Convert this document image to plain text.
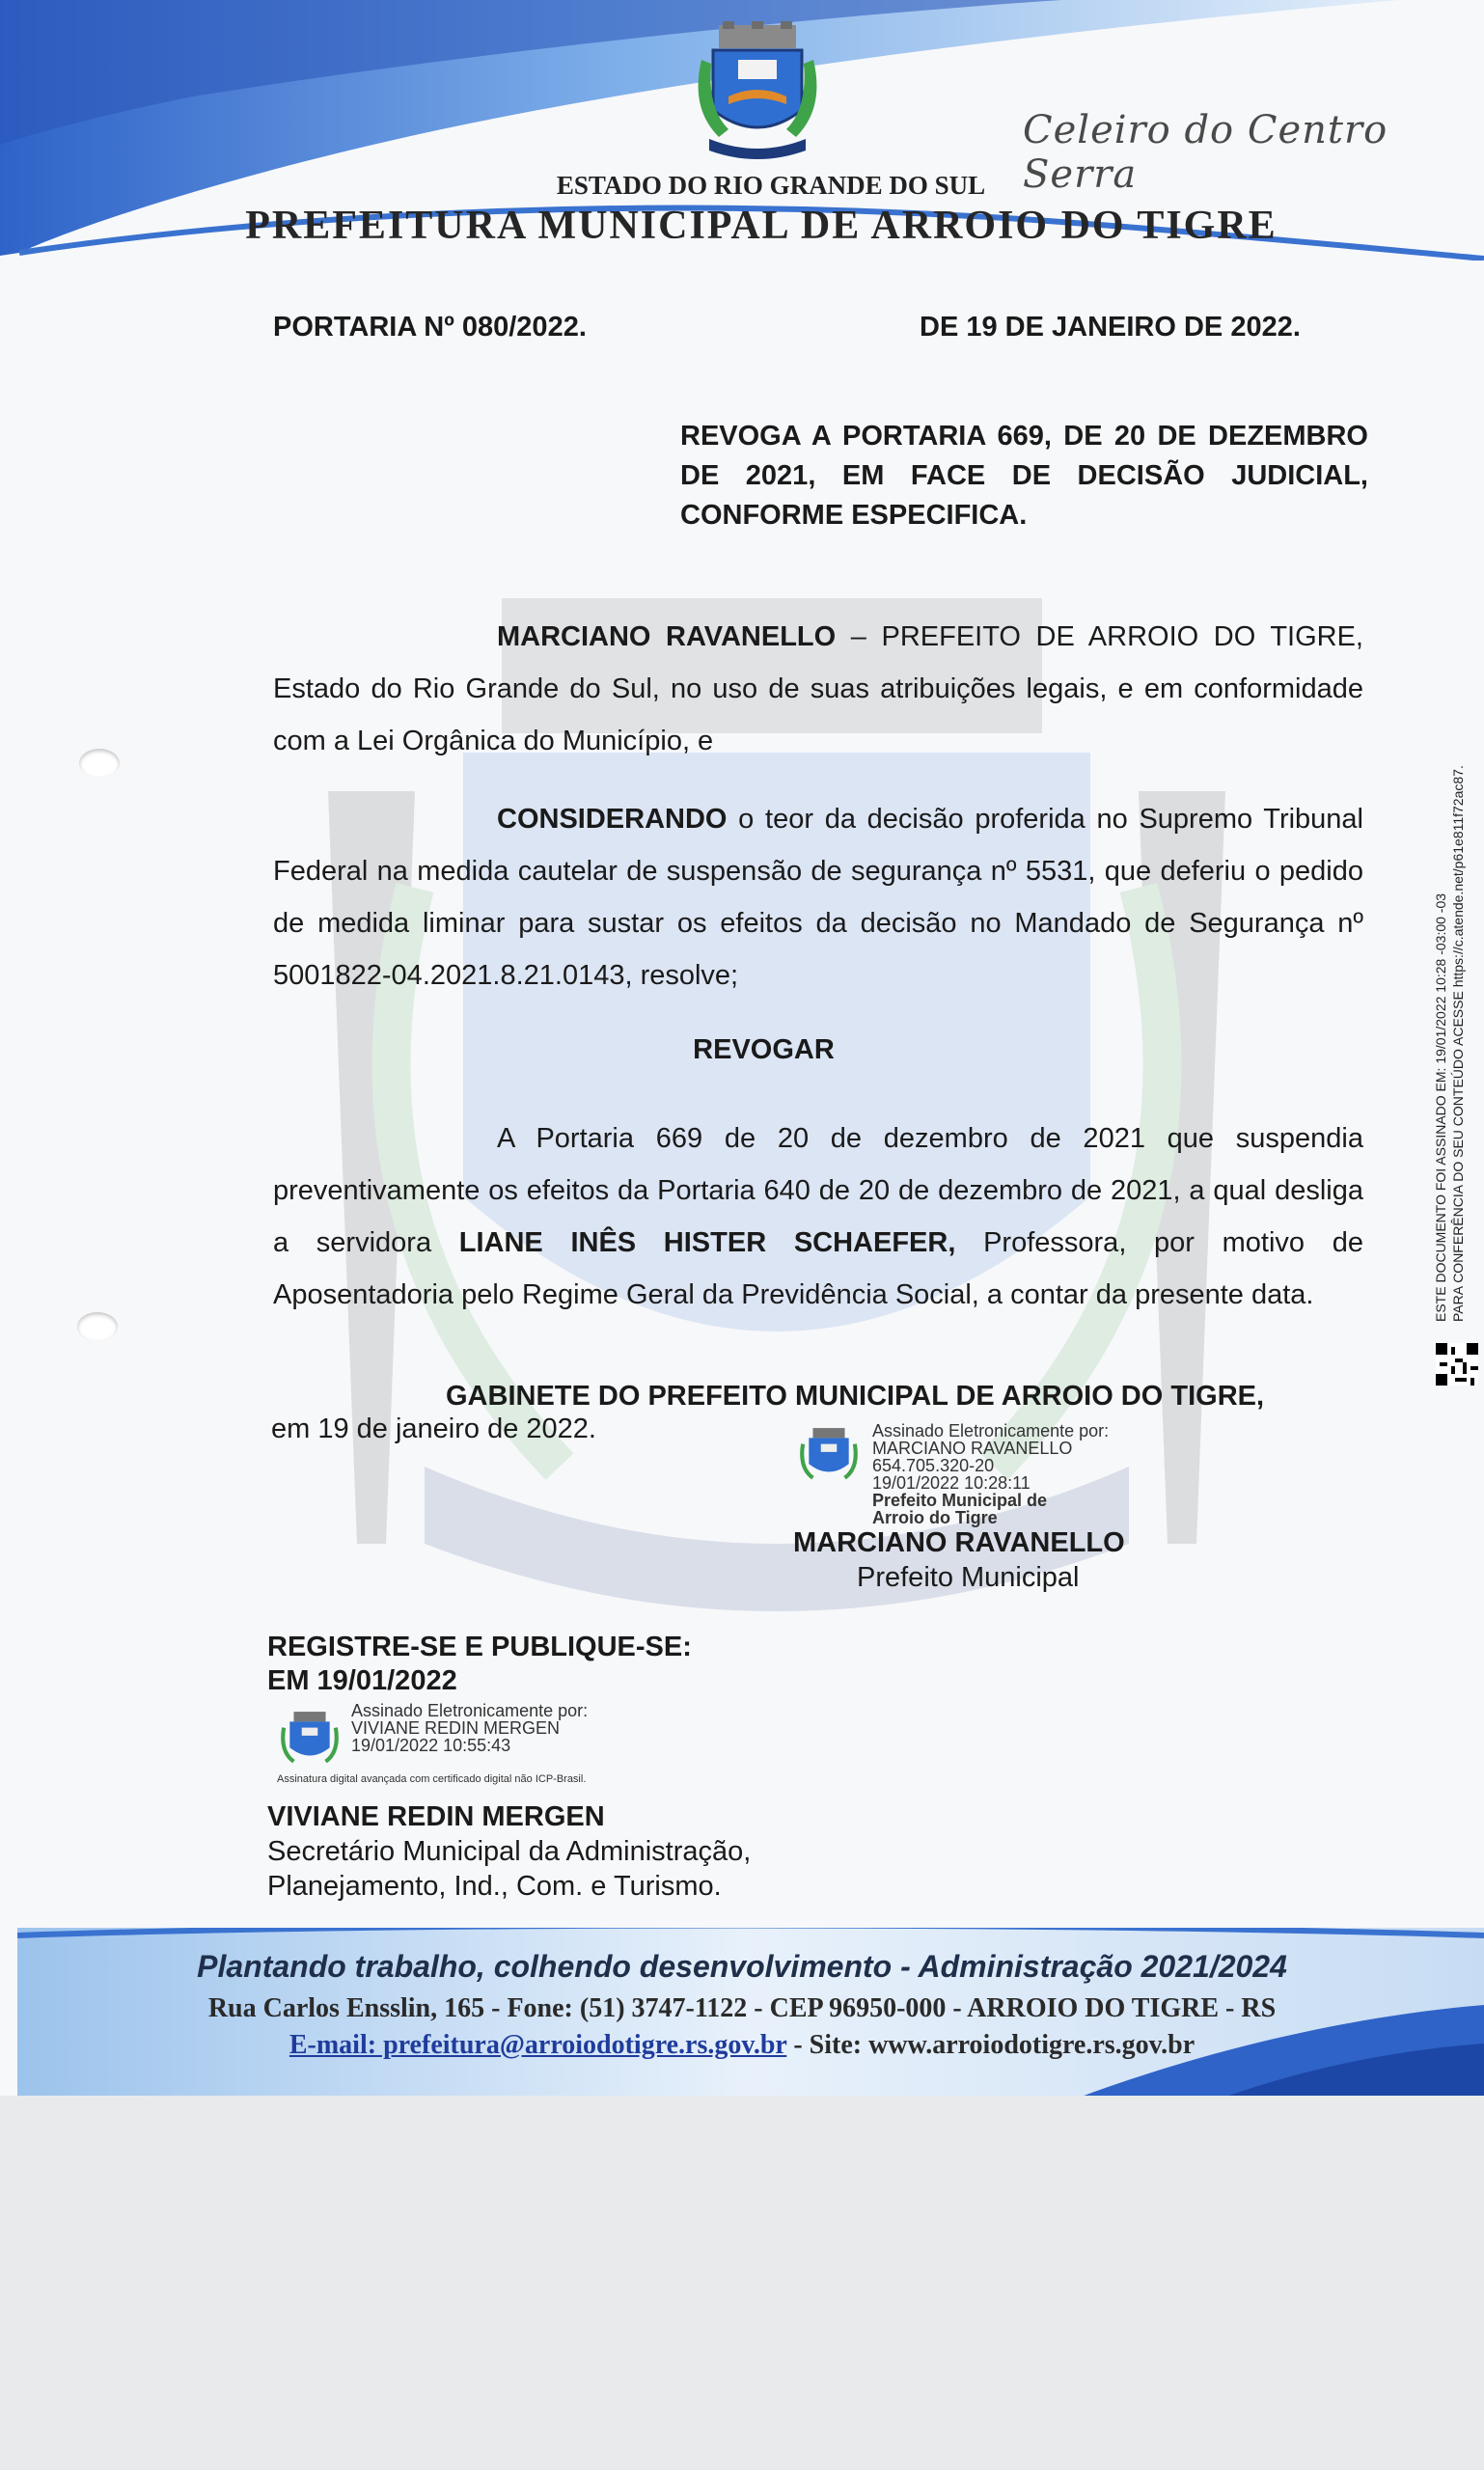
Celeiro do Centro Serra
ESTADO DO RIO GRANDE DO SUL
PREFEITURA MUNICIPAL DE ARROIO DO TIGRE
PORTARIA Nº 080/2022.	DE 19 DE JANEIRO DE 2022.
REVOGA A PORTARIA 669, DE 20 DE DEZEMBRO DE 2021, EM FACE DE DECISÃO JUDICIAL, CONFORME ESPECIFICA.
MARCIANO RAVANELLO – PREFEITO DE ARROIO DO TIGRE, Estado do Rio Grande do Sul, no uso de suas atribuições legais, e em conformidade com a Lei Orgânica do Município, e
CONSIDERANDO o teor da decisão proferida no Supremo Tribunal Federal na medida cautelar de suspensão de segurança nº 5531, que deferiu o pedido de medida liminar para sustar os efeitos da decisão no Mandado de Segurança nº 5001822-04.2021.8.21.0143, resolve;
REVOGAR
A Portaria 669 de 20 de dezembro de 2021 que suspendia preventivamente os efeitos da Portaria 640 de 20 de dezembro de 2021, a qual desliga a servidora LIANE INÊS HISTER SCHAEFER, Professora, por motivo de Aposentadoria pelo Regime Geral da Previdência Social, a contar da presente data.
GABINETE DO PREFEITO MUNICIPAL DE ARROIO DO TIGRE,
em 19 de janeiro de 2022.	Assinado Eletronicamente por:
MARCIANO RAVANELLO
654.705.320-20
19/01/2022 10:28:11
Prefeito Municipal de
Arroio do Tigre
MARCIANO RAVANELLO
Prefeito Municipal
REGISTRE-SE E PUBLIQUE-SE:
EM 19/01/2022
Assinado Eletronicamente por:
VIVIANE REDIN MERGEN
19/01/2022 10:55:43
Assinatura digital avançada com certificado digital não ICP-Brasil.
VIVIANE REDIN MERGEN
Secretário Municipal da Administração,
Planejamento, Ind., Com. e Turismo.
ESTE DOCUMENTO FOI ASSINADO EM: 19/01/2022 10:28 -03:00 -03 PARA CONFERÊNCIA DO SEU CONTEÚDO ACESSE https://c.atende.net/p61e811f72ac87.
Plantando trabalho, colhendo desenvolvimento - Administração 2021/2024
Rua Carlos Ensslin, 165 - Fone: (51) 3747-1122 - CEP 96950-000 - ARROIO DO TIGRE - RS
E-mail: prefeitura@arroiodotigre.rs.gov.br - Site: www.arroiodotigre.rs.gov.br
